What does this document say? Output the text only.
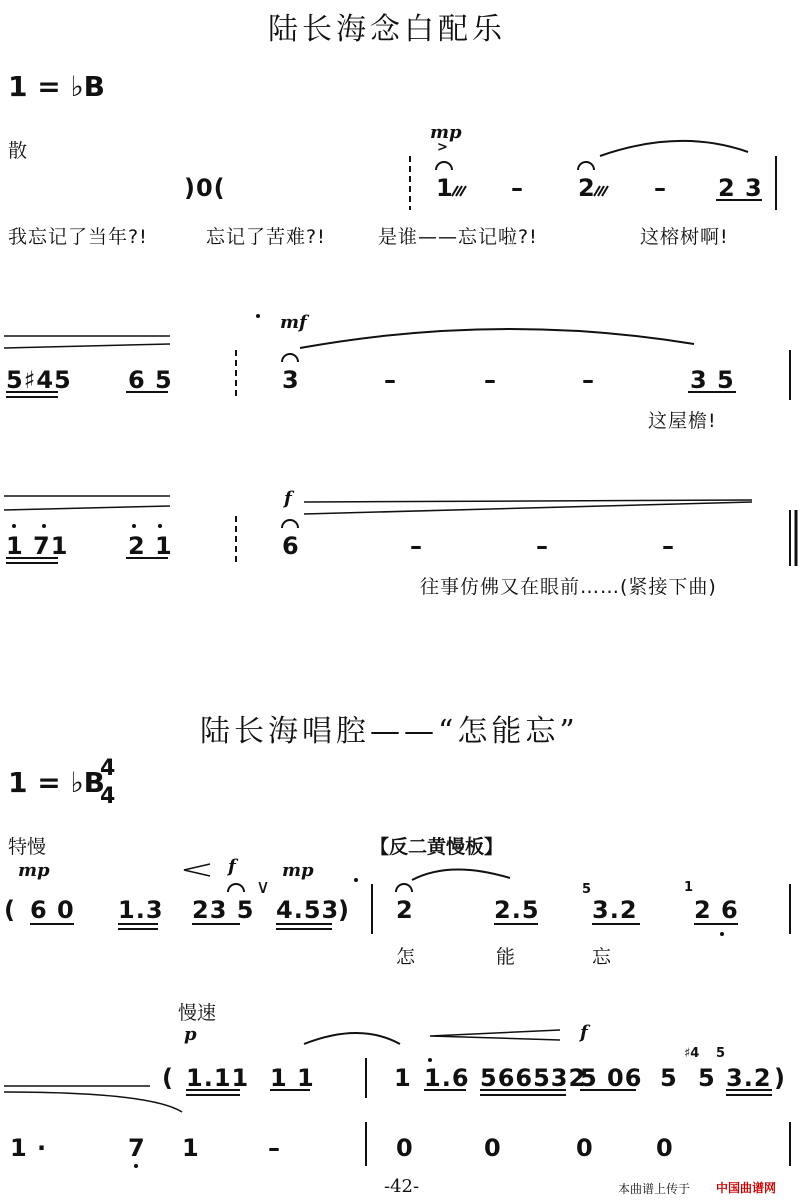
陆长海念白配乐
1 = ♭B
散
mp
>
)0(	1 – 2 – 2 3
我忘记了当年?!	忘记了苦难?!	是谁——忘记啦?!	这榕树啊!
mf
5♯45 6 5	3	–	–	–	3 5
这屋檐!
f
1 71 2 1	6	–	–	–
往事仿佛又在眼前……(紧接下曲)
陆长海唱腔——“怎能忘”
1 = ♭B
4
4
特慢	【反二黄慢板】
mp	f
∨
mp
( 6 0 1.3 23 5 4.53
) 2	2.5
5
3.2
1
2 6
怎	能	忘
慢速
p	f
( 1.11 1 1	1 1.6 566532
5 06 5
♯4
5
5
3.2 )
1 ·	7 1	–	0	0	0	0
-42-	本曲谱上传于 中国曲谱网
